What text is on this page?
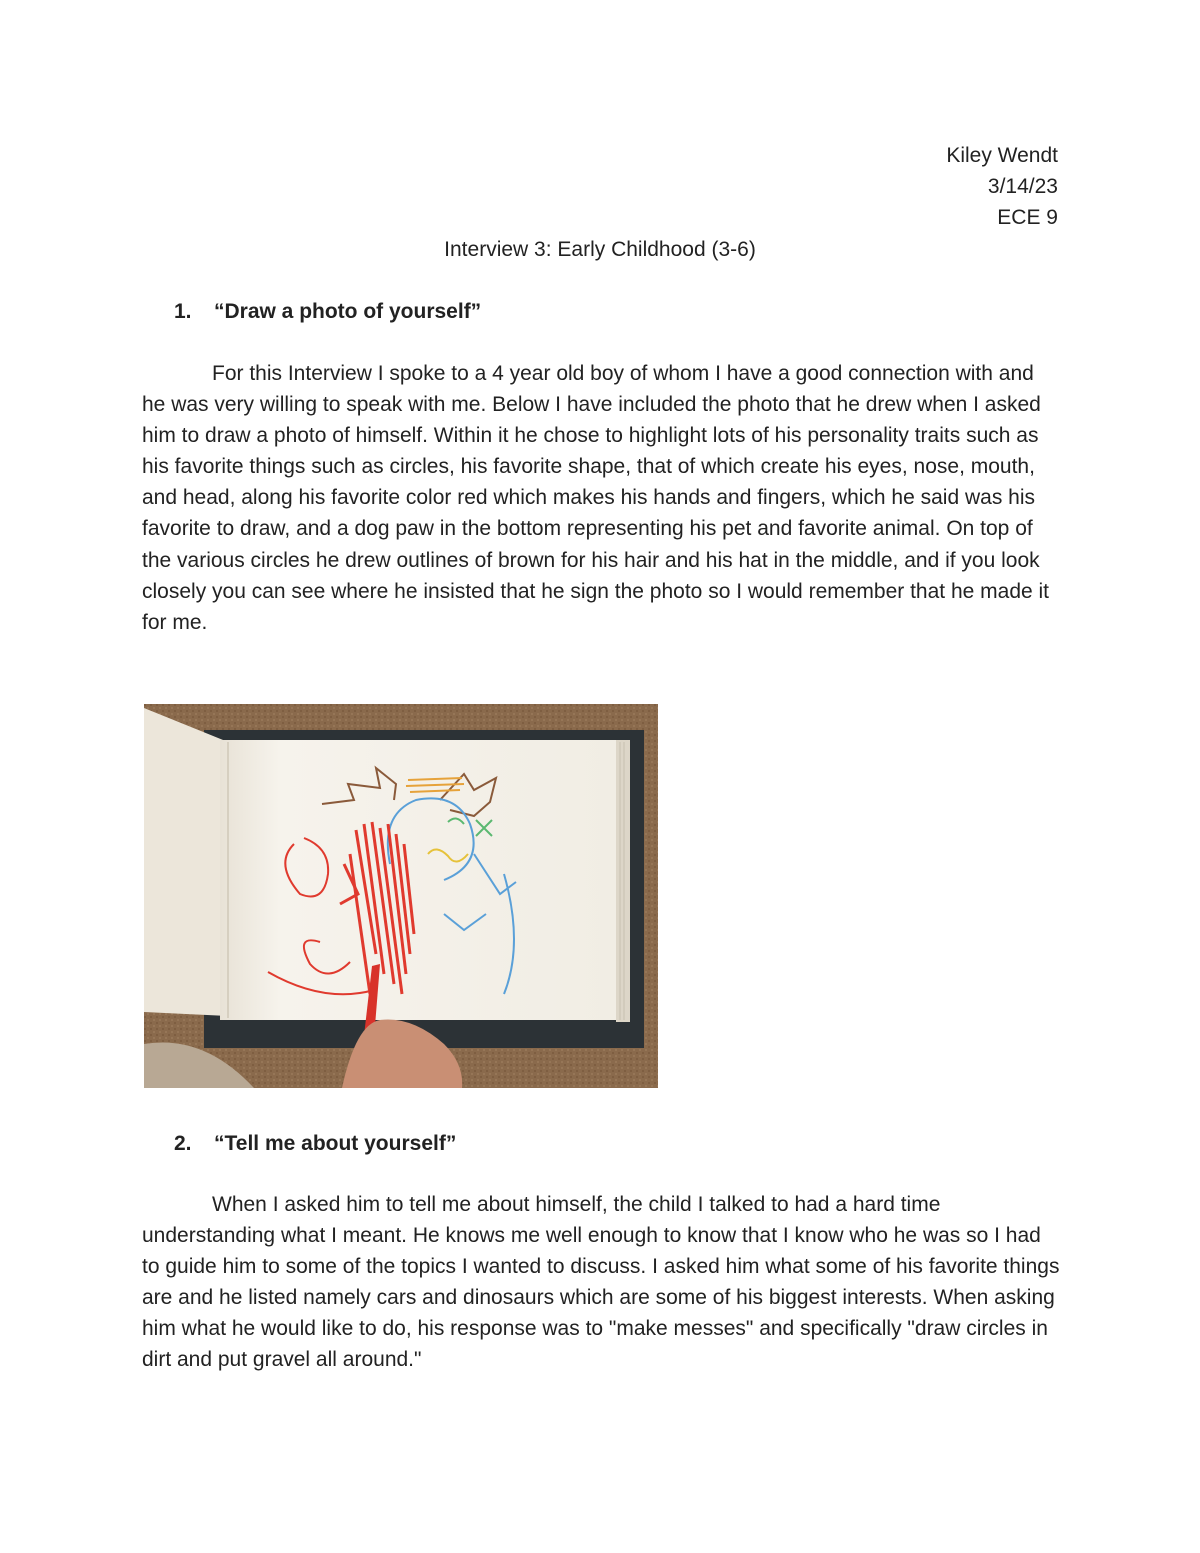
Kiley Wendt
3/14/23
ECE 9
Interview 3: Early Childhood (3-6)
1. “Draw a photo of yourself”
For this Interview I spoke to a 4 year old boy of whom I have a good connection with and he was very willing to speak with me. Below I have included the photo that he drew when I asked him to draw a photo of himself. Within it he chose to highlight lots of his personality traits such as his favorite things such as circles, his favorite shape, that of which create his eyes, nose, mouth, and head, along his favorite color red which makes his hands and fingers, which he said was his favorite to draw, and a dog paw in the bottom representing his pet and favorite animal. On top of the various circles he drew outlines of brown for his hair and his hat in the middle, and if you look closely you can see where he insisted that he sign the photo so I would remember that he made it for me.
2. “Tell me about yourself”
When I asked him to tell me about himself, the child I talked to had a hard time understanding what I meant. He knows me well enough to know that I know who he was so I had to guide him to some of the topics I wanted to discuss. I asked him what some of his favorite things are and he listed namely cars and dinosaurs which are some of his biggest interests. When asking him what he would like to do, his response was to "make messes" and specifically "draw circles in dirt and put gravel all around."
